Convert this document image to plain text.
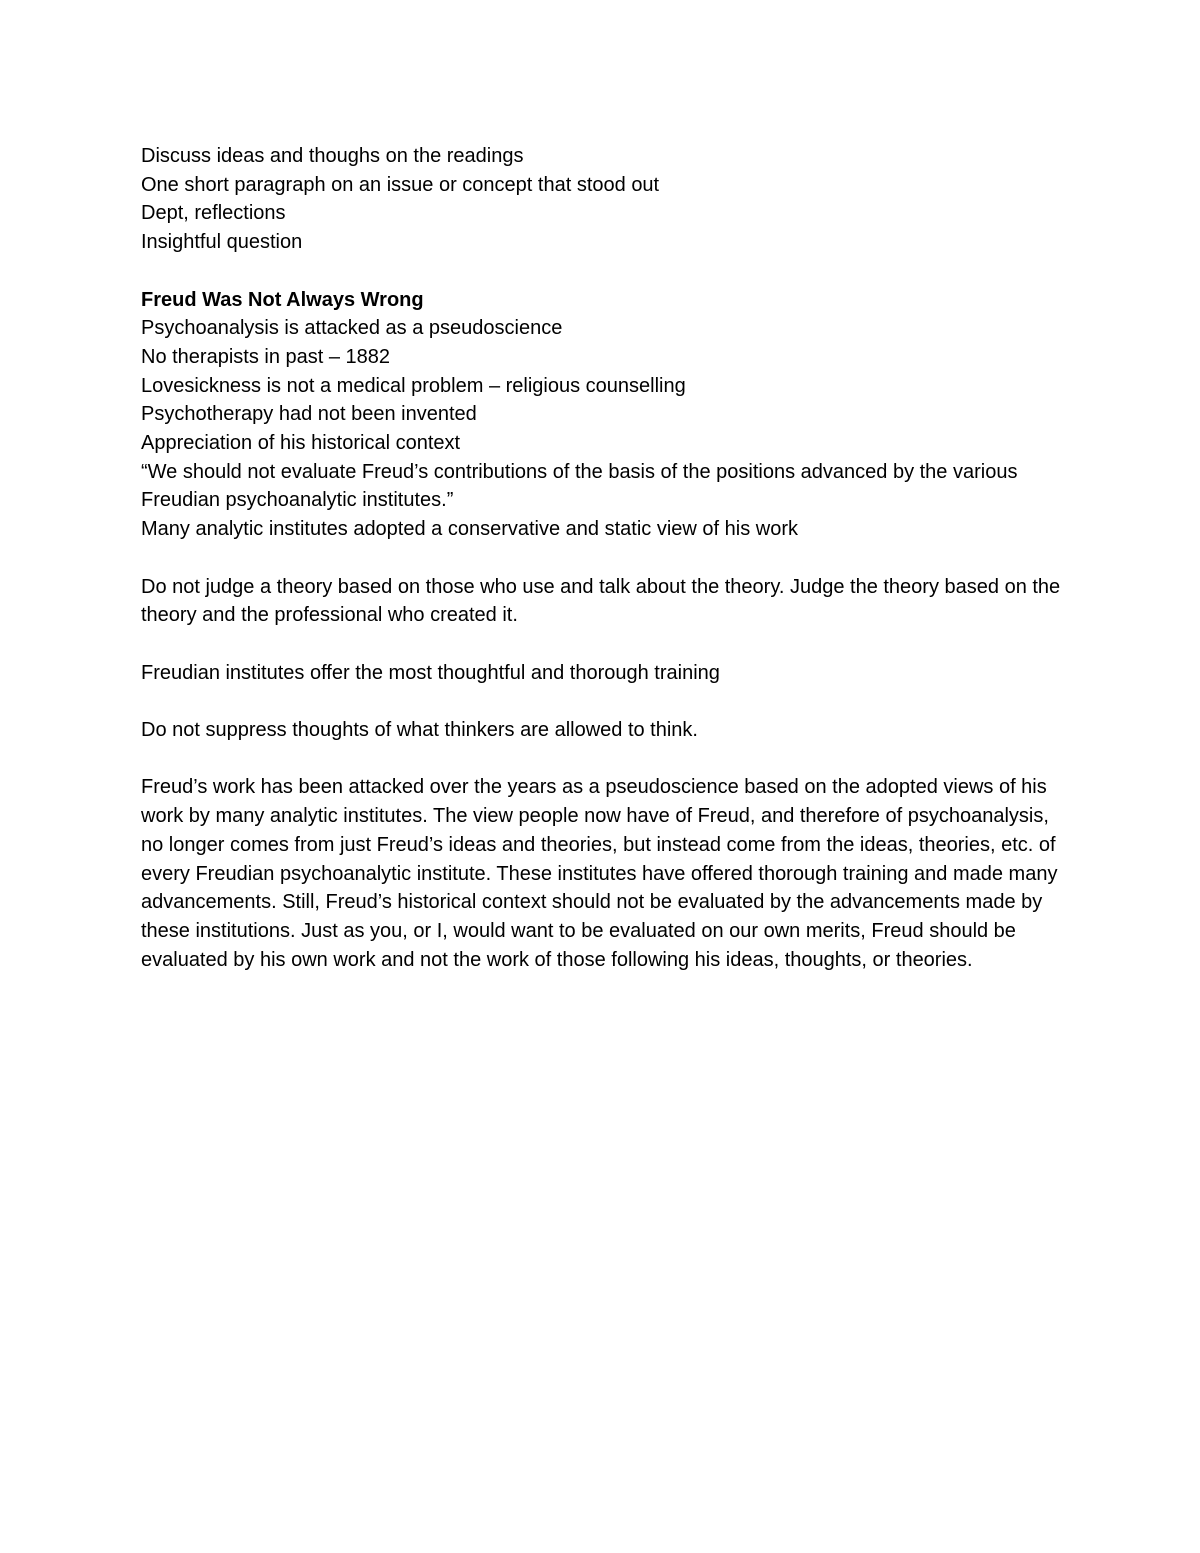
Discuss ideas and thoughs on the readings
One short paragraph on an issue or concept that stood out
Dept, reflections
Insightful question
Freud Was Not Always Wrong
Psychoanalysis is attacked as a pseudoscience
No therapists in past – 1882
Lovesickness is not a medical problem – religious counselling
Psychotherapy had not been invented
Appreciation of his historical context
“We should not evaluate Freud’s contributions of the basis of the positions advanced by the various Freudian psychoanalytic institutes.”
Many analytic institutes adopted a conservative and static view of his work
Do not judge a theory based on those who use and talk about the theory. Judge the theory based on the theory and the professional who created it.
Freudian institutes offer the most thoughtful and thorough training
Do not suppress thoughts of what thinkers are allowed to think.
Freud’s work has been attacked over the years as a pseudoscience based on the adopted views of his work by many analytic institutes. The view people now have of Freud, and therefore of psychoanalysis, no longer comes from just Freud’s ideas and theories, but instead come from the ideas, theories, etc. of every Freudian psychoanalytic institute. These institutes have offered thorough training and made many advancements. Still, Freud’s historical context should not be evaluated by the advancements made by these institutions. Just as you, or I, would want to be evaluated on our own merits, Freud should be evaluated by his own work and not the work of those following his ideas, thoughts, or theories.
